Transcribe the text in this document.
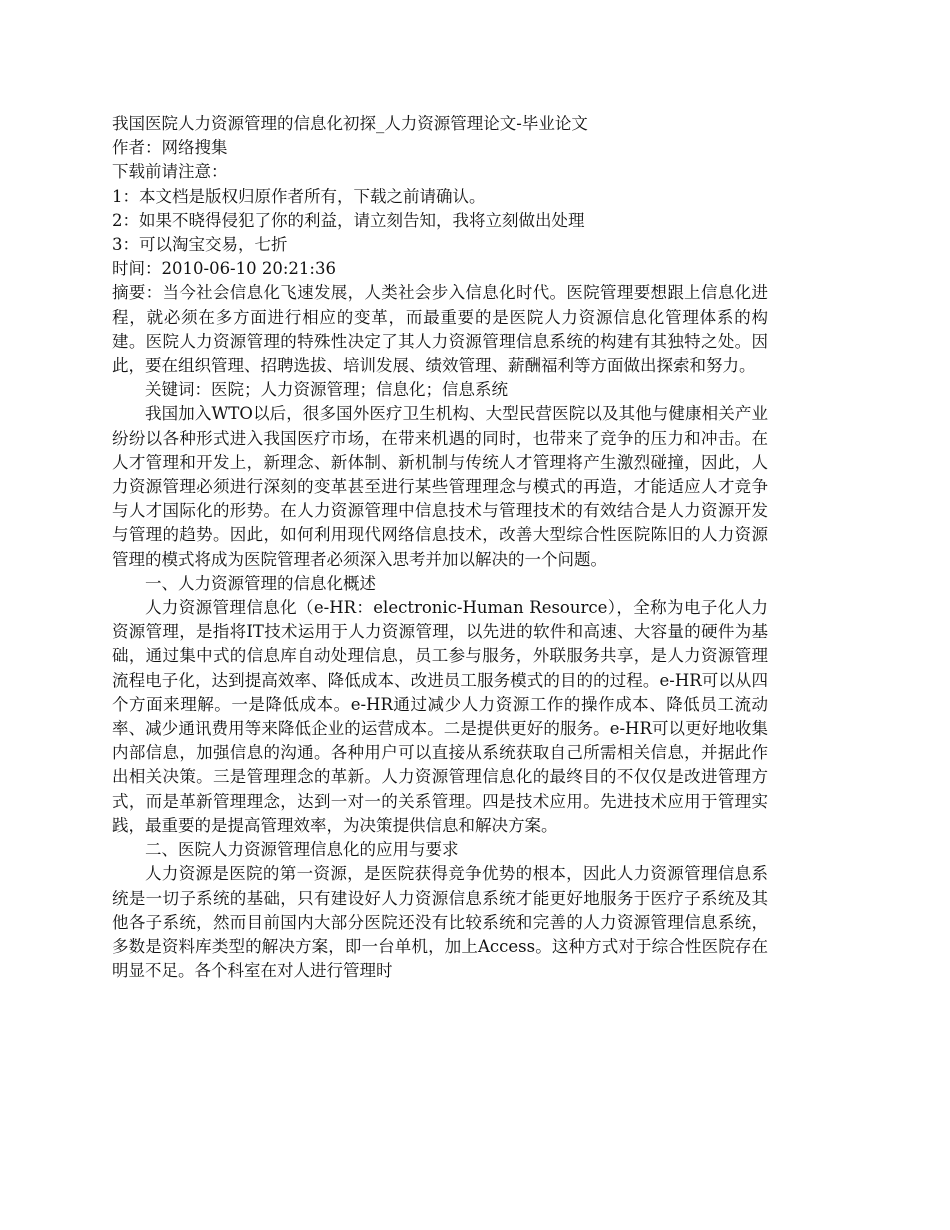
我国医院人力资源管理的信息化初探_人力资源管理论文-毕业论文
作者：网络搜集
下载前请注意：
1：本文档是版权归原作者所有，下载之前请确认。
2：如果不晓得侵犯了你的利益，请立刻告知，我将立刻做出处理
3：可以淘宝交易，七折
时间：2010-06-10 20:21:36

摘要：当今社会信息化飞速发展，人类社会步入信息化时代。医院管理要想跟上信息化进程，就必须在多方面进行相应的变革，而最重要的是医院人力资源信息化管理体系的构建。医院人力资源管理的特殊性决定了其人力资源管理信息系统的构建有其独特之处。因此，要在组织管理、招聘选拔、培训发展、绩效管理、薪酬福利等方面做出探索和努力。

关键词：医院；人力资源管理；信息化；信息系统

我国加入WTO以后，很多国外医疗卫生机构、大型民营医院以及其他与健康相关产业纷纷以各种形式进入我国医疗市场，在带来机遇的同时，也带来了竞争的压力和冲击。在人才管理和开发上，新理念、新体制、新机制与传统人才管理将产生激烈碰撞，因此，人力资源管理必须进行深刻的变革甚至进行某些管理理念与模式的再造，才能适应人才竞争与人才国际化的形势。在人力资源管理中信息技术与管理技术的有效结合是人力资源开发与管理的趋势。因此，如何利用现代网络信息技术，改善大型综合性医院陈旧的人力资源管理的模式将成为医院管理者必须深入思考并加以解决的一个问题。

一、人力资源管理的信息化概述

人力资源管理信息化（e-HR：electronic-Human Resource），全称为电子化人力资源管理，是指将IT技术运用于人力资源管理，以先进的软件和高速、大容量的硬件为基础，通过集中式的信息库自动处理信息，员工参与服务，外联服务共享，是人力资源管理流程电子化，达到提高效率、降低成本、改进员工服务模式的目的的过程。e-HR可以从四个方面来理解。一是降低成本。e-HR通过减少人力资源工作的操作成本、降低员工流动率、减少通讯费用等来降低企业的运营成本。二是提供更好的服务。e-HR可以更好地收集内部信息，加强信息的沟通。各种用户可以直接从系统获取自己所需相关信息，并据此作出相关决策。三是管理理念的革新。人力资源管理信息化的最终目的不仅仅是改进管理方式，而是革新管理理念，达到一对一的关系管理。四是技术应用。先进技术应用于管理实践，最重要的是提高管理效率，为决策提供信息和解决方案。

二、医院人力资源管理信息化的应用与要求

人力资源是医院的第一资源，是医院获得竞争优势的根本，因此人力资源管理信息系统是一切子系统的基础，只有建设好人力资源信息系统才能更好地服务于医疗子系统及其他各子系统，然而目前国内大部分医院还没有比较系统和完善的人力资源管理信息系统，多数是资料库类型的解决方案，即一台单机，加上Access。这种方式对于综合性医院存在明显不足。各个科室在对人进行管理时
